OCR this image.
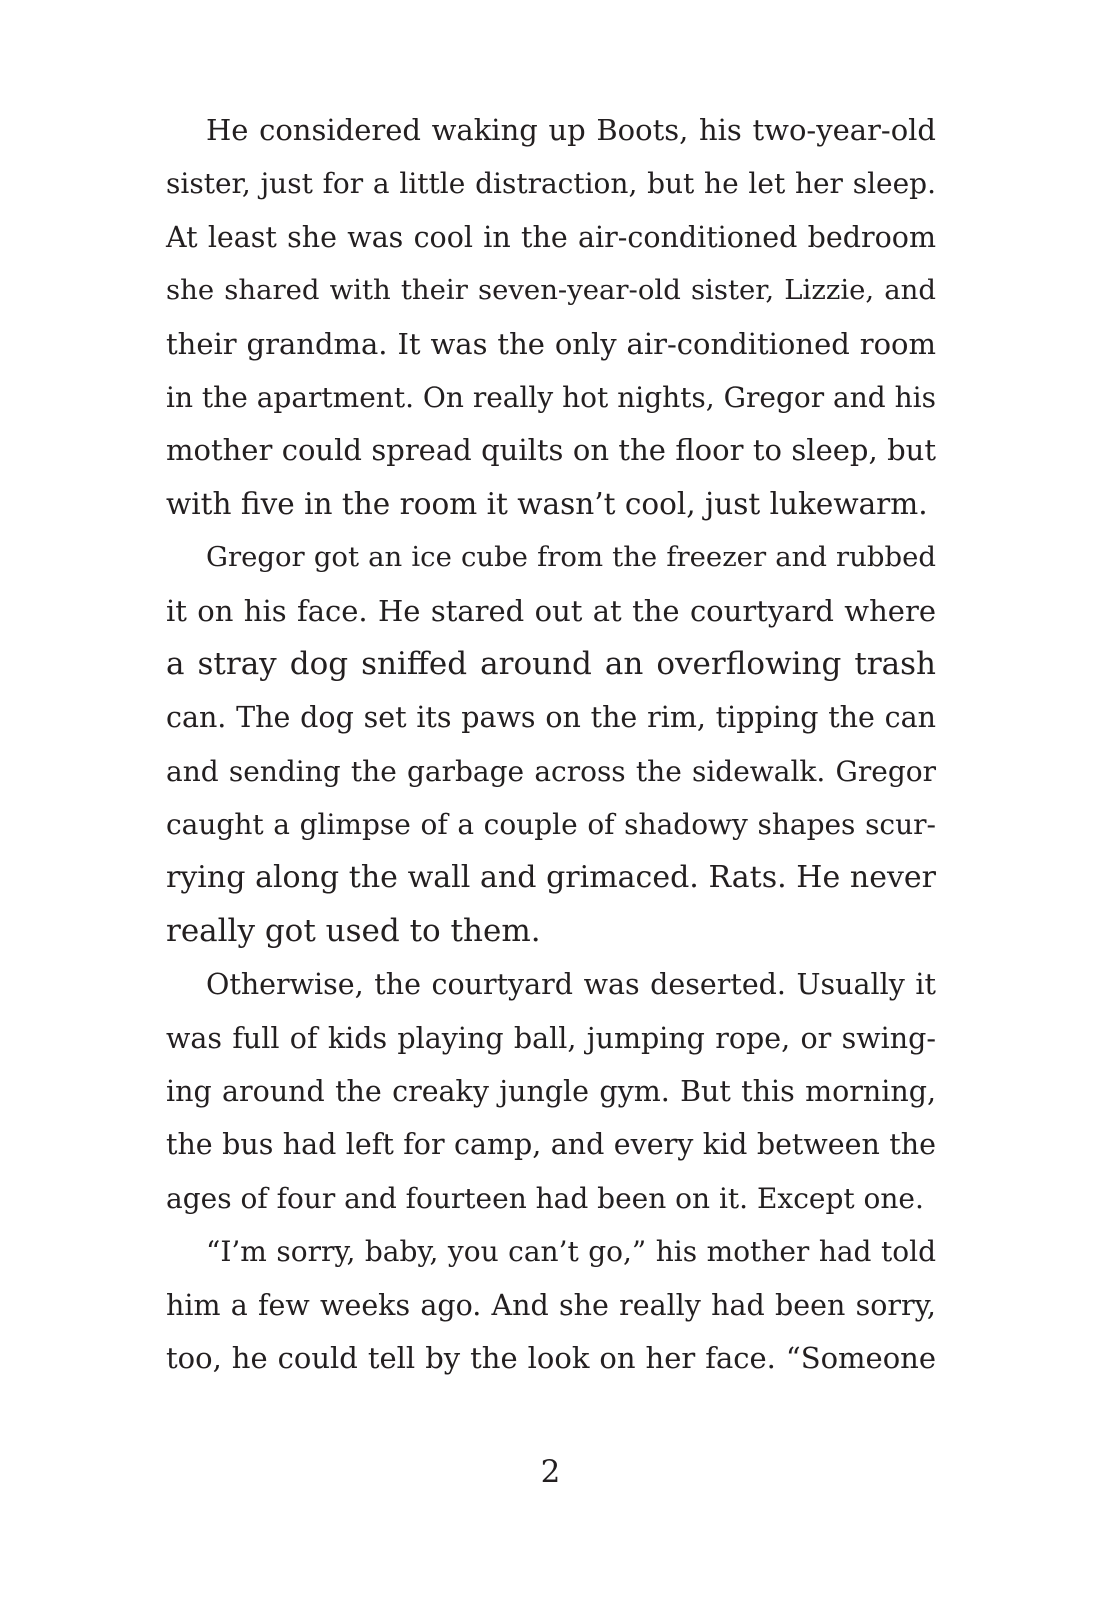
He considered waking up Boots, his two-year-old
sister, just for a little distraction, but he let her sleep.
At least she was cool in the air-conditioned bedroom
she shared with their seven-year-old sister, Lizzie, and
their grandma. It was the only air-conditioned room
in the apartment. On really hot nights, Gregor and his
mother could spread quilts on the floor to sleep, but
with five in the room it wasn’t cool, just lukewarm.
Gregor got an ice cube from the freezer and rubbed
it on his face. He stared out at the courtyard where
a stray dog sniffed around an overflowing trash
can. The dog set its paws on the rim, tipping the can
and sending the garbage across the sidewalk. Gregor
caught a glimpse of a couple of shadowy shapes scur-
rying along the wall and grimaced. Rats. He never
really got used to them.
Otherwise, the courtyard was deserted. Usually it
was full of kids playing ball, jumping rope, or swing-
ing around the creaky jungle gym. But this morning,
the bus had left for camp, and every kid between the
ages of four and fourteen had been on it. Except one.
“I’m sorry, baby, you can’t go,” his mother had told
him a few weeks ago. And she really had been sorry,
too, he could tell by the look on her face. “Someone
2
